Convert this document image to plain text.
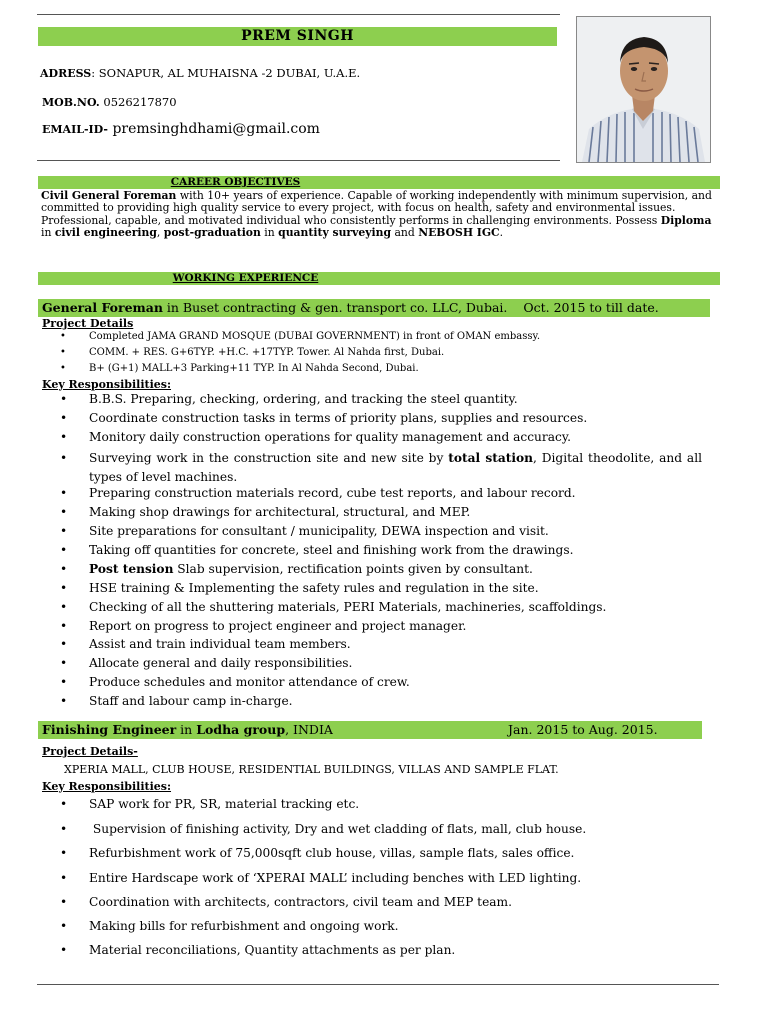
PREM SINGH
ADRESS: SONAPUR, AL MUHAISNA -2 DUBAI, U.A.E.
MOB.NO. 0526217870
EMAIL-ID- premsinghdhami@gmail.com
CAREER OBJECTIVES
Civil General Foreman with 10+ years of experience. Capable of working independently with minimum supervision, and committed to providing high quality service to every project, with focus on health, safety and environmental issues. Professional, capable, and motivated individual who consistently performs in challenging environments. Possess Diploma in civil engineering, post-graduation in quantity surveying and NEBOSH IGC.
WORKING EXPERIENCE
General Foreman in Buset contracting & gen. transport co. LLC, Dubai. Oct. 2015 to till date.
Project Details
• Completed JAMA GRAND MOSQUE (DUBAI GOVERNMENT) in front of OMAN embassy.
• COMM. + RES. G+6TYP. +H.C. +17TYP. Tower. Al Nahda first, Dubai.
• B+ (G+1) MALL+3 Parking+11 TYP. In Al Nahda Second, Dubai.
Key Responsibilities:
• B.B.S. Preparing, checking, ordering, and tracking the steel quantity.
• Coordinate construction tasks in terms of priority plans, supplies and resources.
• Monitory daily construction operations for quality management and accuracy.
•	Surveying work in the construction site and new site by total station, Digital theodolite, and all types of level machines.
• Preparing construction materials record, cube test reports, and labour record.
• Making shop drawings for architectural, structural, and MEP.
• Site preparations for consultant / municipality, DEWA inspection and visit.
• Taking off quantities for concrete, steel and finishing work from the drawings.
• Post tension Slab supervision, rectification points given by consultant.
• HSE training & Implementing the safety rules and regulation in the site.
• Checking of all the shuttering materials, PERI Materials, machineries, scaffoldings.
• Report on progress to project engineer and project manager.
• Assist and train individual team members.
• Allocate general and daily responsibilities.
• Produce schedules and monitor attendance of crew.
• Staff and labour camp in-charge.
Finishing Engineer in Lodha group, INDIA	Jan. 2015 to Aug. 2015.
Project Details-
XPERIA MALL, CLUB HOUSE, RESIDENTIAL BUILDINGS, VILLAS AND SAMPLE FLAT.
Key Responsibilities:
• SAP work for PR, SR, material tracking etc.
• Supervision of finishing activity, Dry and wet cladding of flats, mall, club house.
• Refurbishment work of 75,000sqft club house, villas, sample flats, sales office.
• Entire Hardscape work of ‘XPERAI MALL’ including benches with LED lighting.
• Coordination with architects, contractors, civil team and MEP team.
• Making bills for refurbishment and ongoing work.
• Material reconciliations, Quantity attachments as per plan.
